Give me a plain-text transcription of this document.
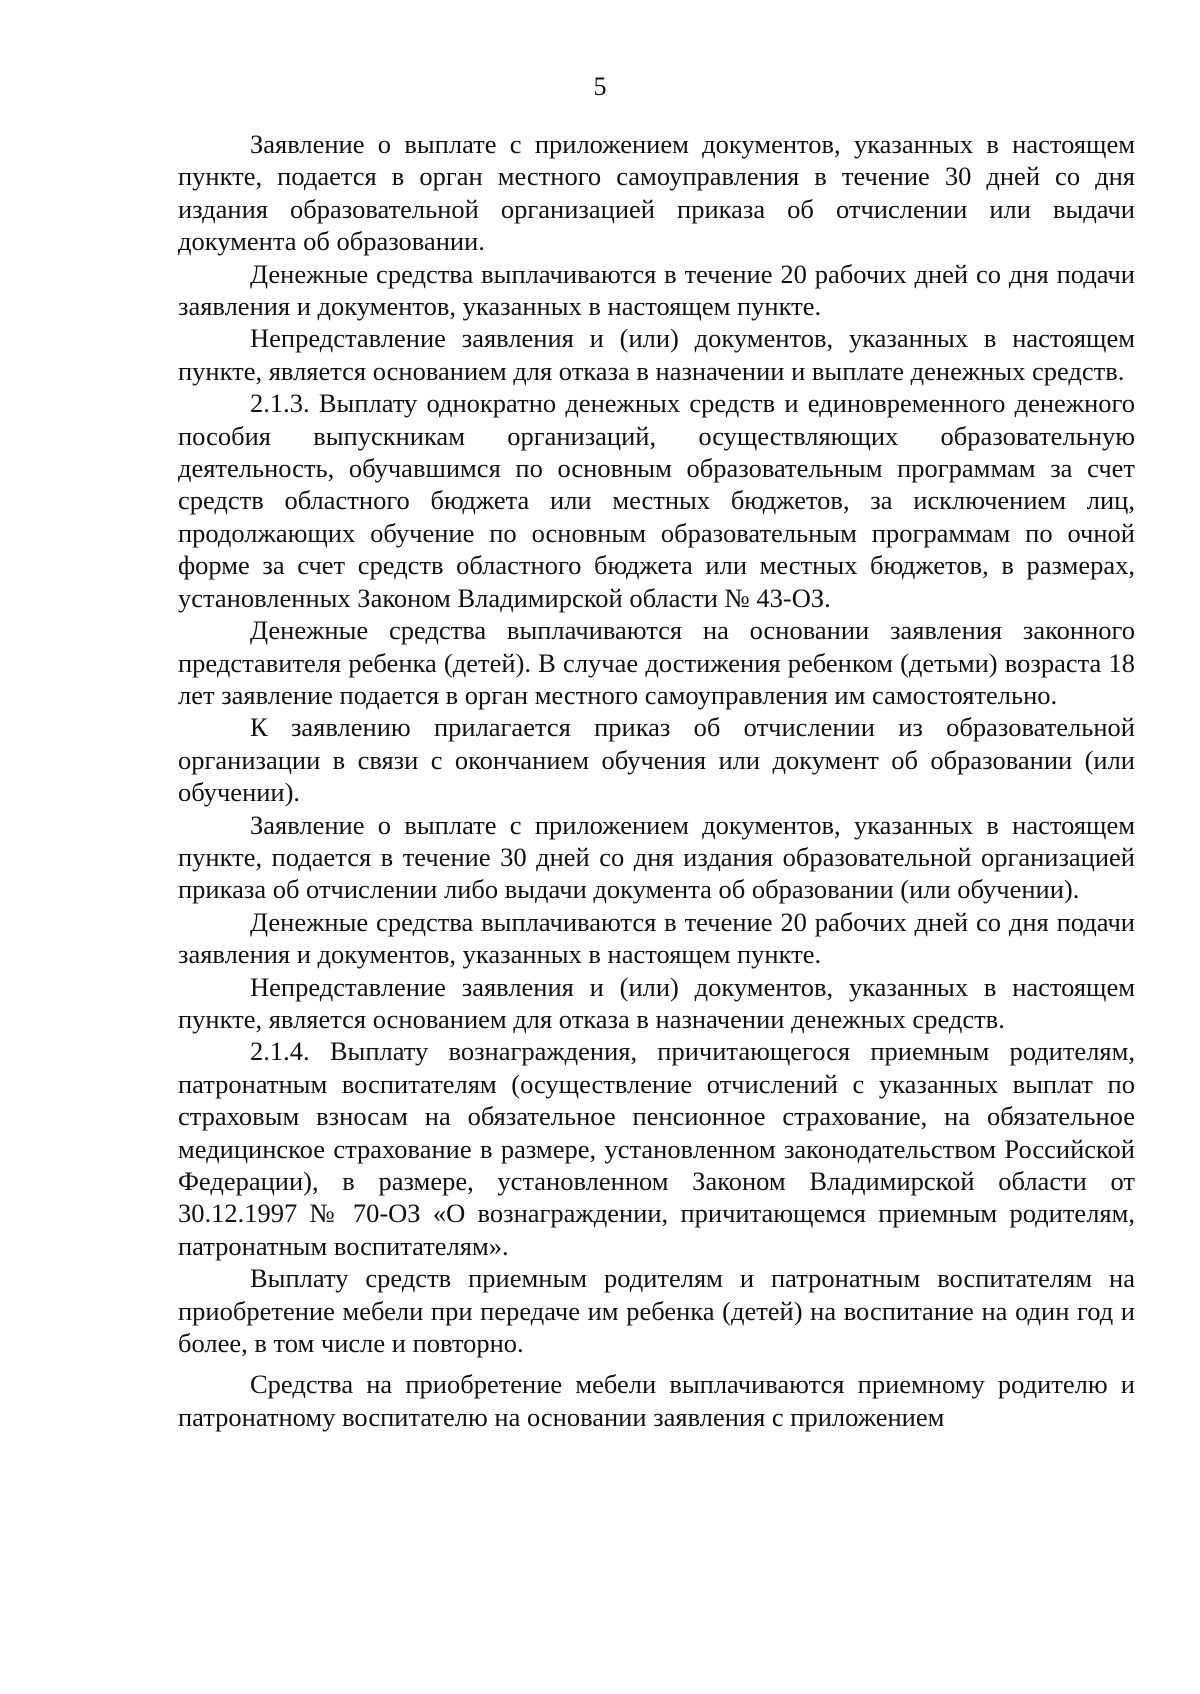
5

Заявление о выплате с приложением документов, указанных в настоящем пункте, подается в орган местного самоуправления в течение 30 дней со дня издания образовательной организацией приказа об отчислении или выдачи документа об образовании.

Денежные средства выплачиваются в течение 20 рабочих дней со дня подачи заявления и документов, указанных в настоящем пункте.

Непредставление заявления и (или) документов, указанных в настоящем пункте, является основанием для отказа в назначении и выплате денежных средств.

2.1.3. Выплату однократно денежных средств и единовременного денежного пособия выпускникам организаций, осуществляющих образовательную деятельность, обучавшимся по основным образовательным программам за счет средств областного бюджета или местных бюджетов, за исключением лиц, продолжающих обучение по основным образовательным программам по очной форме за счет средств областного бюджета или местных бюджетов, в размерах, установленных Законом Владимирской области № 43-ОЗ.

Денежные средства выплачиваются на основании заявления законного представителя ребенка (детей). В случае достижения ребенком (детьми) возраста 18 лет заявление подается в орган местного самоуправления им самостоятельно.

К заявлению прилагается приказ об отчислении из образовательной организации в связи с окончанием обучения или документ об образовании (или обучении).

Заявление о выплате с приложением документов, указанных в настоящем пункте, подается в течение 30 дней со дня издания образовательной организацией приказа об отчислении либо выдачи документа об образовании (или обучении).

Денежные средства выплачиваются в течение 20 рабочих дней со дня подачи заявления и документов, указанных в настоящем пункте.

Непредставление заявления и (или) документов, указанных в настоящем пункте, является основанием для отказа в назначении денежных средств.

2.1.4. Выплату вознаграждения, причитающегося приемным родителям, патронатным воспитателям (осуществление отчислений с указанных выплат по страховым взносам на обязательное пенсионное страхование, на обязательное медицинское страхование в размере, установленном законодательством Российской Федерации), в размере, установленном Законом Владимирской области от 30.12.1997 № 70-ОЗ «О вознаграждении, причитающемся приемным родителям, патронатным воспитателям».

Выплату средств приемным родителям и патронатным воспитателям на приобретение мебели при передаче им ребенка (детей) на воспитание на один год и более, в том числе и повторно.

Средства на приобретение мебели выплачиваются приемному родителю и патронатному воспитателю на основании заявления с приложением
